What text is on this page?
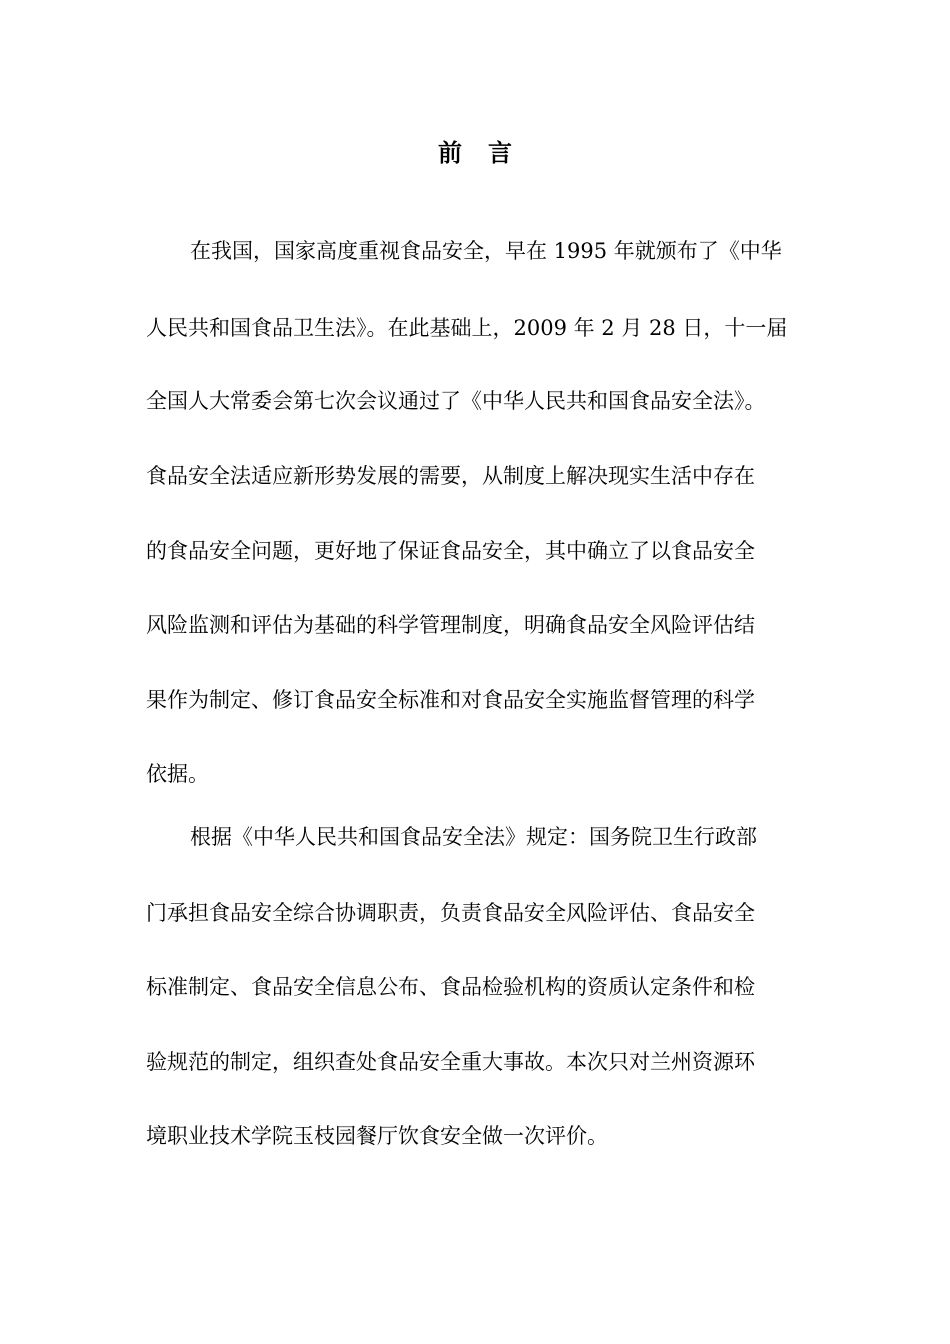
前言
在我国，国家高度重视食品安全，早在 1995 年就颁布了《中华
人民共和国食品卫生法》。在此基础上，2009 年 2 月 28 日，十一届
全国人大常委会第七次会议通过了《中华人民共和国食品安全法》。
食品安全法适应新形势发展的需要，从制度上解决现实生活中存在
的食品安全问题，更好地了保证食品安全，其中确立了以食品安全
风险监测和评估为基础的科学管理制度，明确食品安全风险评估结
果作为制定、修订食品安全标准和对食品安全实施监督管理的科学
依据。
根据《中华人民共和国食品安全法》规定：国务院卫生行政部
门承担食品安全综合协调职责，负责食品安全风险评估、食品安全
标准制定、食品安全信息公布、食品检验机构的资质认定条件和检
验规范的制定，组织查处食品安全重大事故。本次只对兰州资源环
境职业技术学院玉枝园餐厅饮食安全做一次评价。
